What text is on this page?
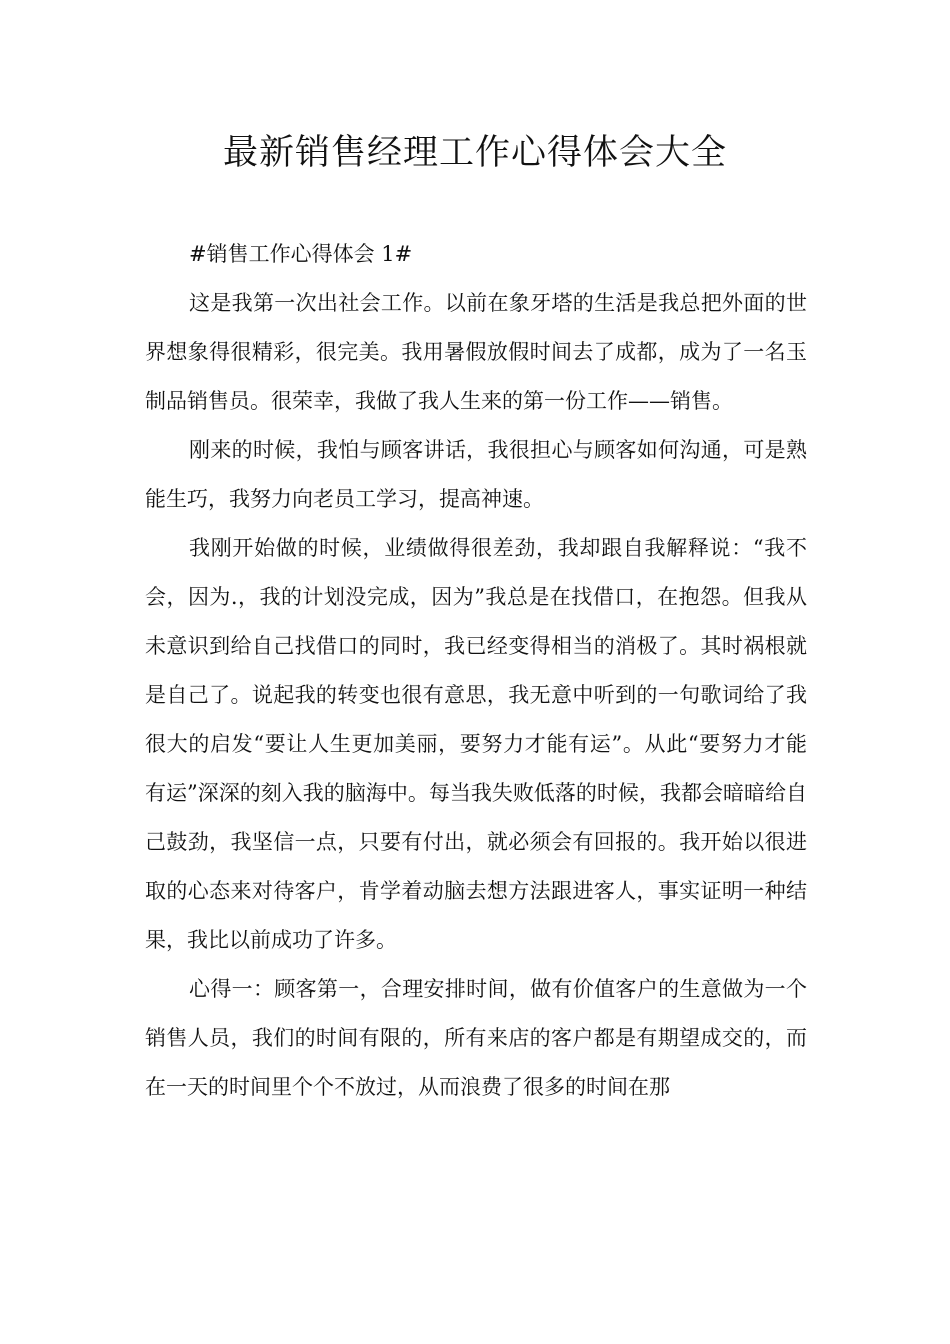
最新销售经理工作心得体会大全

#销售工作心得体会 1#

这是我第一次出社会工作。以前在象牙塔的生活是我总把外面的世界想象得很精彩，很完美。我用暑假放假时间去了成都，成为了一名玉制品销售员。很荣幸，我做了我人生来的第一份工作——销售。

刚来的时候，我怕与顾客讲话，我很担心与顾客如何沟通，可是熟能生巧，我努力向老员工学习，提高神速。

我刚开始做的时候，业绩做得很差劲，我却跟自我解释说：“我不会，因为.，我的计划没完成，因为”我总是在找借口，在抱怨。但我从未意识到给自己找借口的同时，我已经变得相当的消极了。其时祸根就是自己了。说起我的转变也很有意思，我无意中听到的一句歌词给了我很大的启发“要让人生更加美丽，要努力才能有运”。从此“要努力才能有运”深深的刻入我的脑海中。每当我失败低落的时候，我都会暗暗给自己鼓劲，我坚信一点，只要有付出，就必须会有回报的。我开始以很进取的心态来对待客户，肯学着动脑去想方法跟进客人，事实证明一种结果，我比以前成功了许多。

心得一：顾客第一，合理安排时间，做有价值客户的生意做为一个销售人员，我们的时间有限的，所有来店的客户都是有期望成交的，而在一天的时间里个个不放过，从而浪费了很多的时间在那
